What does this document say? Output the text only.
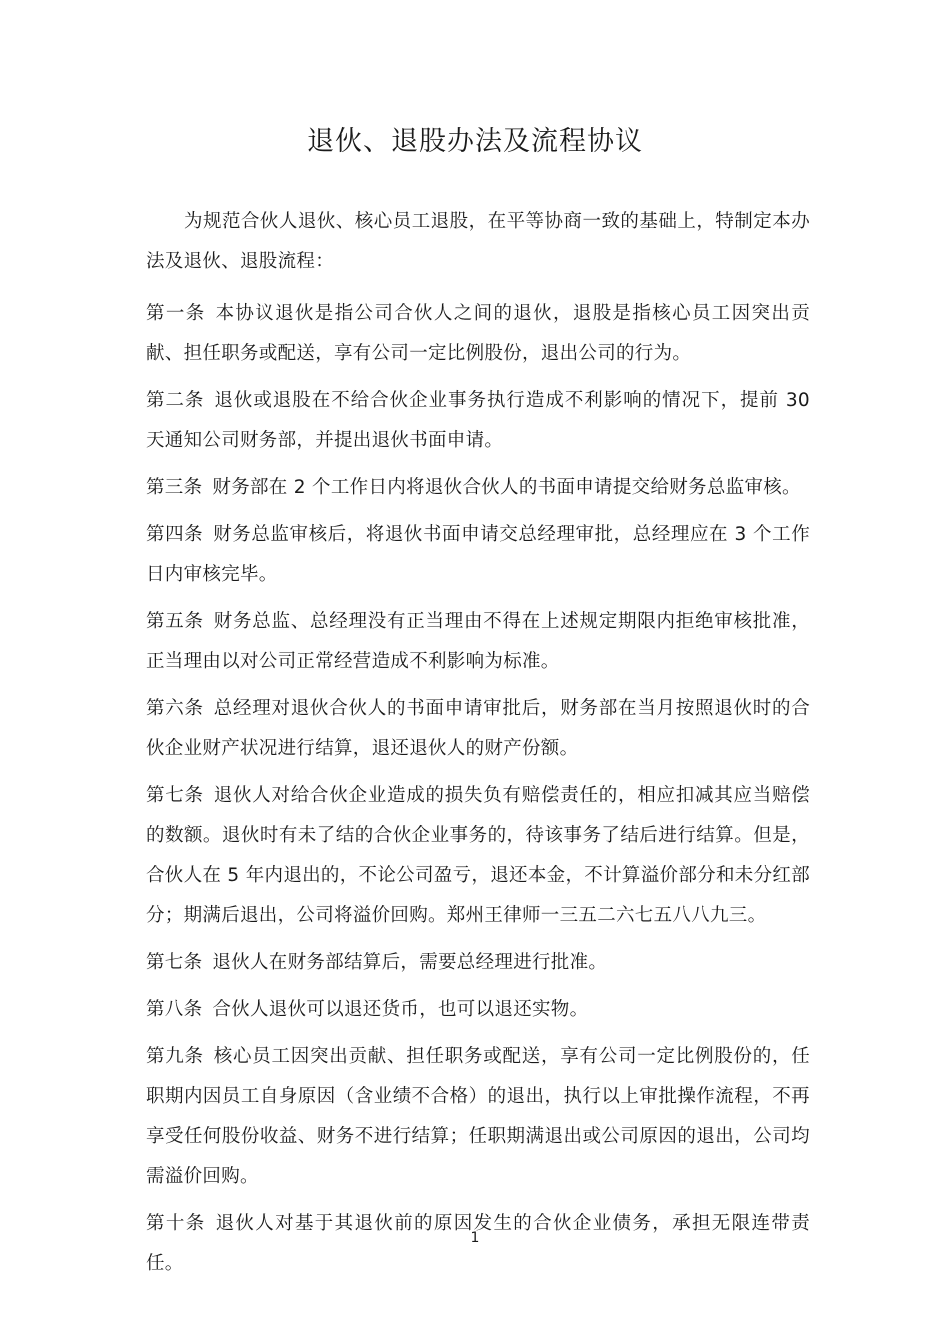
退伙、退股办法及流程协议

为规范合伙人退伙、核心员工退股，在平等协商一致的基础上，特制定本办法及退伙、退股流程：

第一条 本协议退伙是指公司合伙人之间的退伙，退股是指核心员工因突出贡献、担任职务或配送，享有公司一定比例股份，退出公司的行为。

第二条 退伙或退股在不给合伙企业事务执行造成不利影响的情况下，提前 30 天通知公司财务部，并提出退伙书面申请。

第三条 财务部在 2 个工作日内将退伙合伙人的书面申请提交给财务总监审核。

第四条 财务总监审核后，将退伙书面申请交总经理审批，总经理应在 3 个工作日内审核完毕。

第五条 财务总监、总经理没有正当理由不得在上述规定期限内拒绝审核批准，正当理由以对公司正常经营造成不利影响为标准。

第六条 总经理对退伙合伙人的书面申请审批后，财务部在当月按照退伙时的合伙企业财产状况进行结算，退还退伙人的财产份额。

第七条 退伙人对给合伙企业造成的损失负有赔偿责任的，相应扣减其应当赔偿的数额。退伙时有未了结的合伙企业事务的，待该事务了结后进行结算。但是，合伙人在 5 年内退出的，不论公司盈亏，退还本金，不计算溢价部分和未分红部分；期满后退出，公司将溢价回购。郑州王律师一三五二六七五八八九三。

第七条 退伙人在财务部结算后，需要总经理进行批准。

第八条 合伙人退伙可以退还货币，也可以退还实物。

第九条 核心员工因突出贡献、担任职务或配送，享有公司一定比例股份的，任职期内因员工自身原因（含业绩不合格）的退出，执行以上审批操作流程，不再享受任何股份收益、财务不进行结算；任职期满退出或公司原因的退出，公司均需溢价回购。

第十条 退伙人对基于其退伙前的原因发生的合伙企业债务，承担无限连带责任。

1
